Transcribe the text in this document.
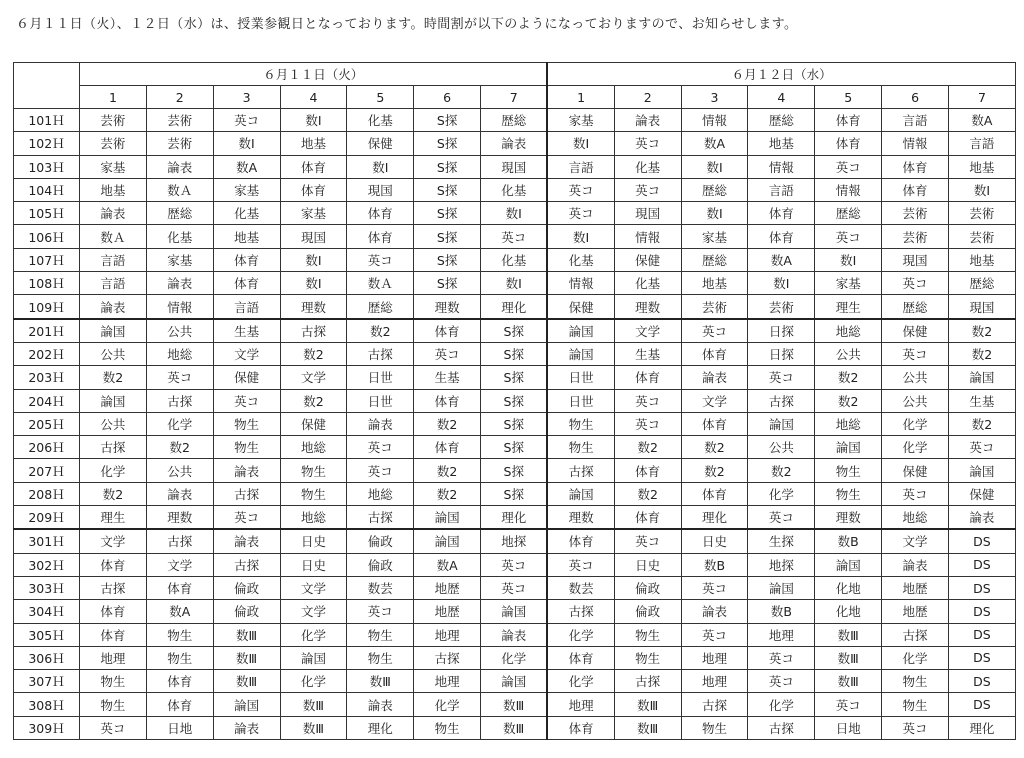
６月１１日（火）、１２日（水）は、授業参観日となっております。時間割が以下のようになっておりますので、お知らせします。
	６月１１日（火）							６月１２日（水）						
	1	2	3	4	5	6	7	1	2	3	4	5	6	7
101Ｈ	芸術	芸術	英コ	数Ⅰ	化基	S探	歴総	家基	論表	情報	歴総	体育	言語	数A
102Ｈ	芸術	芸術	数Ⅰ	地基	保健	S探	論表	数Ⅰ	英コ	数A	地基	体育	情報	言語
103Ｈ	家基	論表	数A	体育	数Ⅰ	S探	現国	言語	化基	数Ⅰ	情報	英コ	体育	地基
104Ｈ	地基	数Ａ	家基	体育	現国	S探	化基	英コ	英コ	歴総	言語	情報	体育	数Ⅰ
105Ｈ	論表	歴総	化基	家基	体育	S探	数Ⅰ	英コ	現国	数Ⅰ	体育	歴総	芸術	芸術
106Ｈ	数Ａ	化基	地基	現国	体育	S探	英コ	数Ⅰ	情報	家基	体育	英コ	芸術	芸術
107Ｈ	言語	家基	体育	数Ⅰ	英コ	S探	化基	化基	保健	歴総	数A	数Ⅰ	現国	地基
108Ｈ	言語	論表	体育	数Ⅰ	数Ａ	S探	数Ⅰ	情報	化基	地基	数Ⅰ	家基	英コ	歴総
109Ｈ	論表	情報	言語	理数	歴総	理数	理化	保健	理数	芸術	芸術	理生	歴総	現国
201Ｈ	論国	公共	生基	古探	数2	体育	S探	論国	文学	英コ	日探	地総	保健	数2
202Ｈ	公共	地総	文学	数2	古探	英コ	S探	論国	生基	体育	日探	公共	英コ	数2
203Ｈ	数2	英コ	保健	文学	日世	生基	S探	日世	体育	論表	英コ	数2	公共	論国
204Ｈ	論国	古探	英コ	数2	日世	体育	S探	日世	英コ	文学	古探	数2	公共	生基
205Ｈ	公共	化学	物生	保健	論表	数2	S探	物生	英コ	体育	論国	地総	化学	数2
206Ｈ	古探	数2	物生	地総	英コ	体育	S探	物生	数2	数2	公共	論国	化学	英コ
207Ｈ	化学	公共	論表	物生	英コ	数2	S探	古探	体育	数2	数2	物生	保健	論国
208Ｈ	数2	論表	古探	物生	地総	数2	S探	論国	数2	体育	化学	物生	英コ	保健
209Ｈ	理生	理数	英コ	地総	古探	論国	理化	理数	体育	理化	英コ	理数	地総	論表
301Ｈ	文学	古探	論表	日史	倫政	論国	地探	体育	英コ	日史	生探	数B	文学	DS
302Ｈ	体育	文学	古探	日史	倫政	数A	英コ	英コ	日史	数B	地探	論国	論表	DS
303Ｈ	古探	体育	倫政	文学	数芸	地歴	英コ	数芸	倫政	英コ	論国	化地	地歴	DS
304Ｈ	体育	数A	倫政	文学	英コ	地歴	論国	古探	倫政	論表	数B	化地	地歴	DS
305Ｈ	体育	物生	数Ⅲ	化学	物生	地理	論表	化学	物生	英コ	地理	数Ⅲ	古探	DS
306Ｈ	地理	物生	数Ⅲ	論国	物生	古探	化学	体育	物生	地理	英コ	数Ⅲ	化学	DS
307Ｈ	物生	体育	数Ⅲ	化学	数Ⅲ	地理	論国	化学	古探	地理	英コ	数Ⅲ	物生	DS
308Ｈ	物生	体育	論国	数Ⅲ	論表	化学	数Ⅲ	地理	数Ⅲ	古探	化学	英コ	物生	DS
309Ｈ	英コ	日地	論表	数Ⅲ	理化	物生	数Ⅲ	体育	数Ⅲ	物生	古探	日地	英コ	理化
